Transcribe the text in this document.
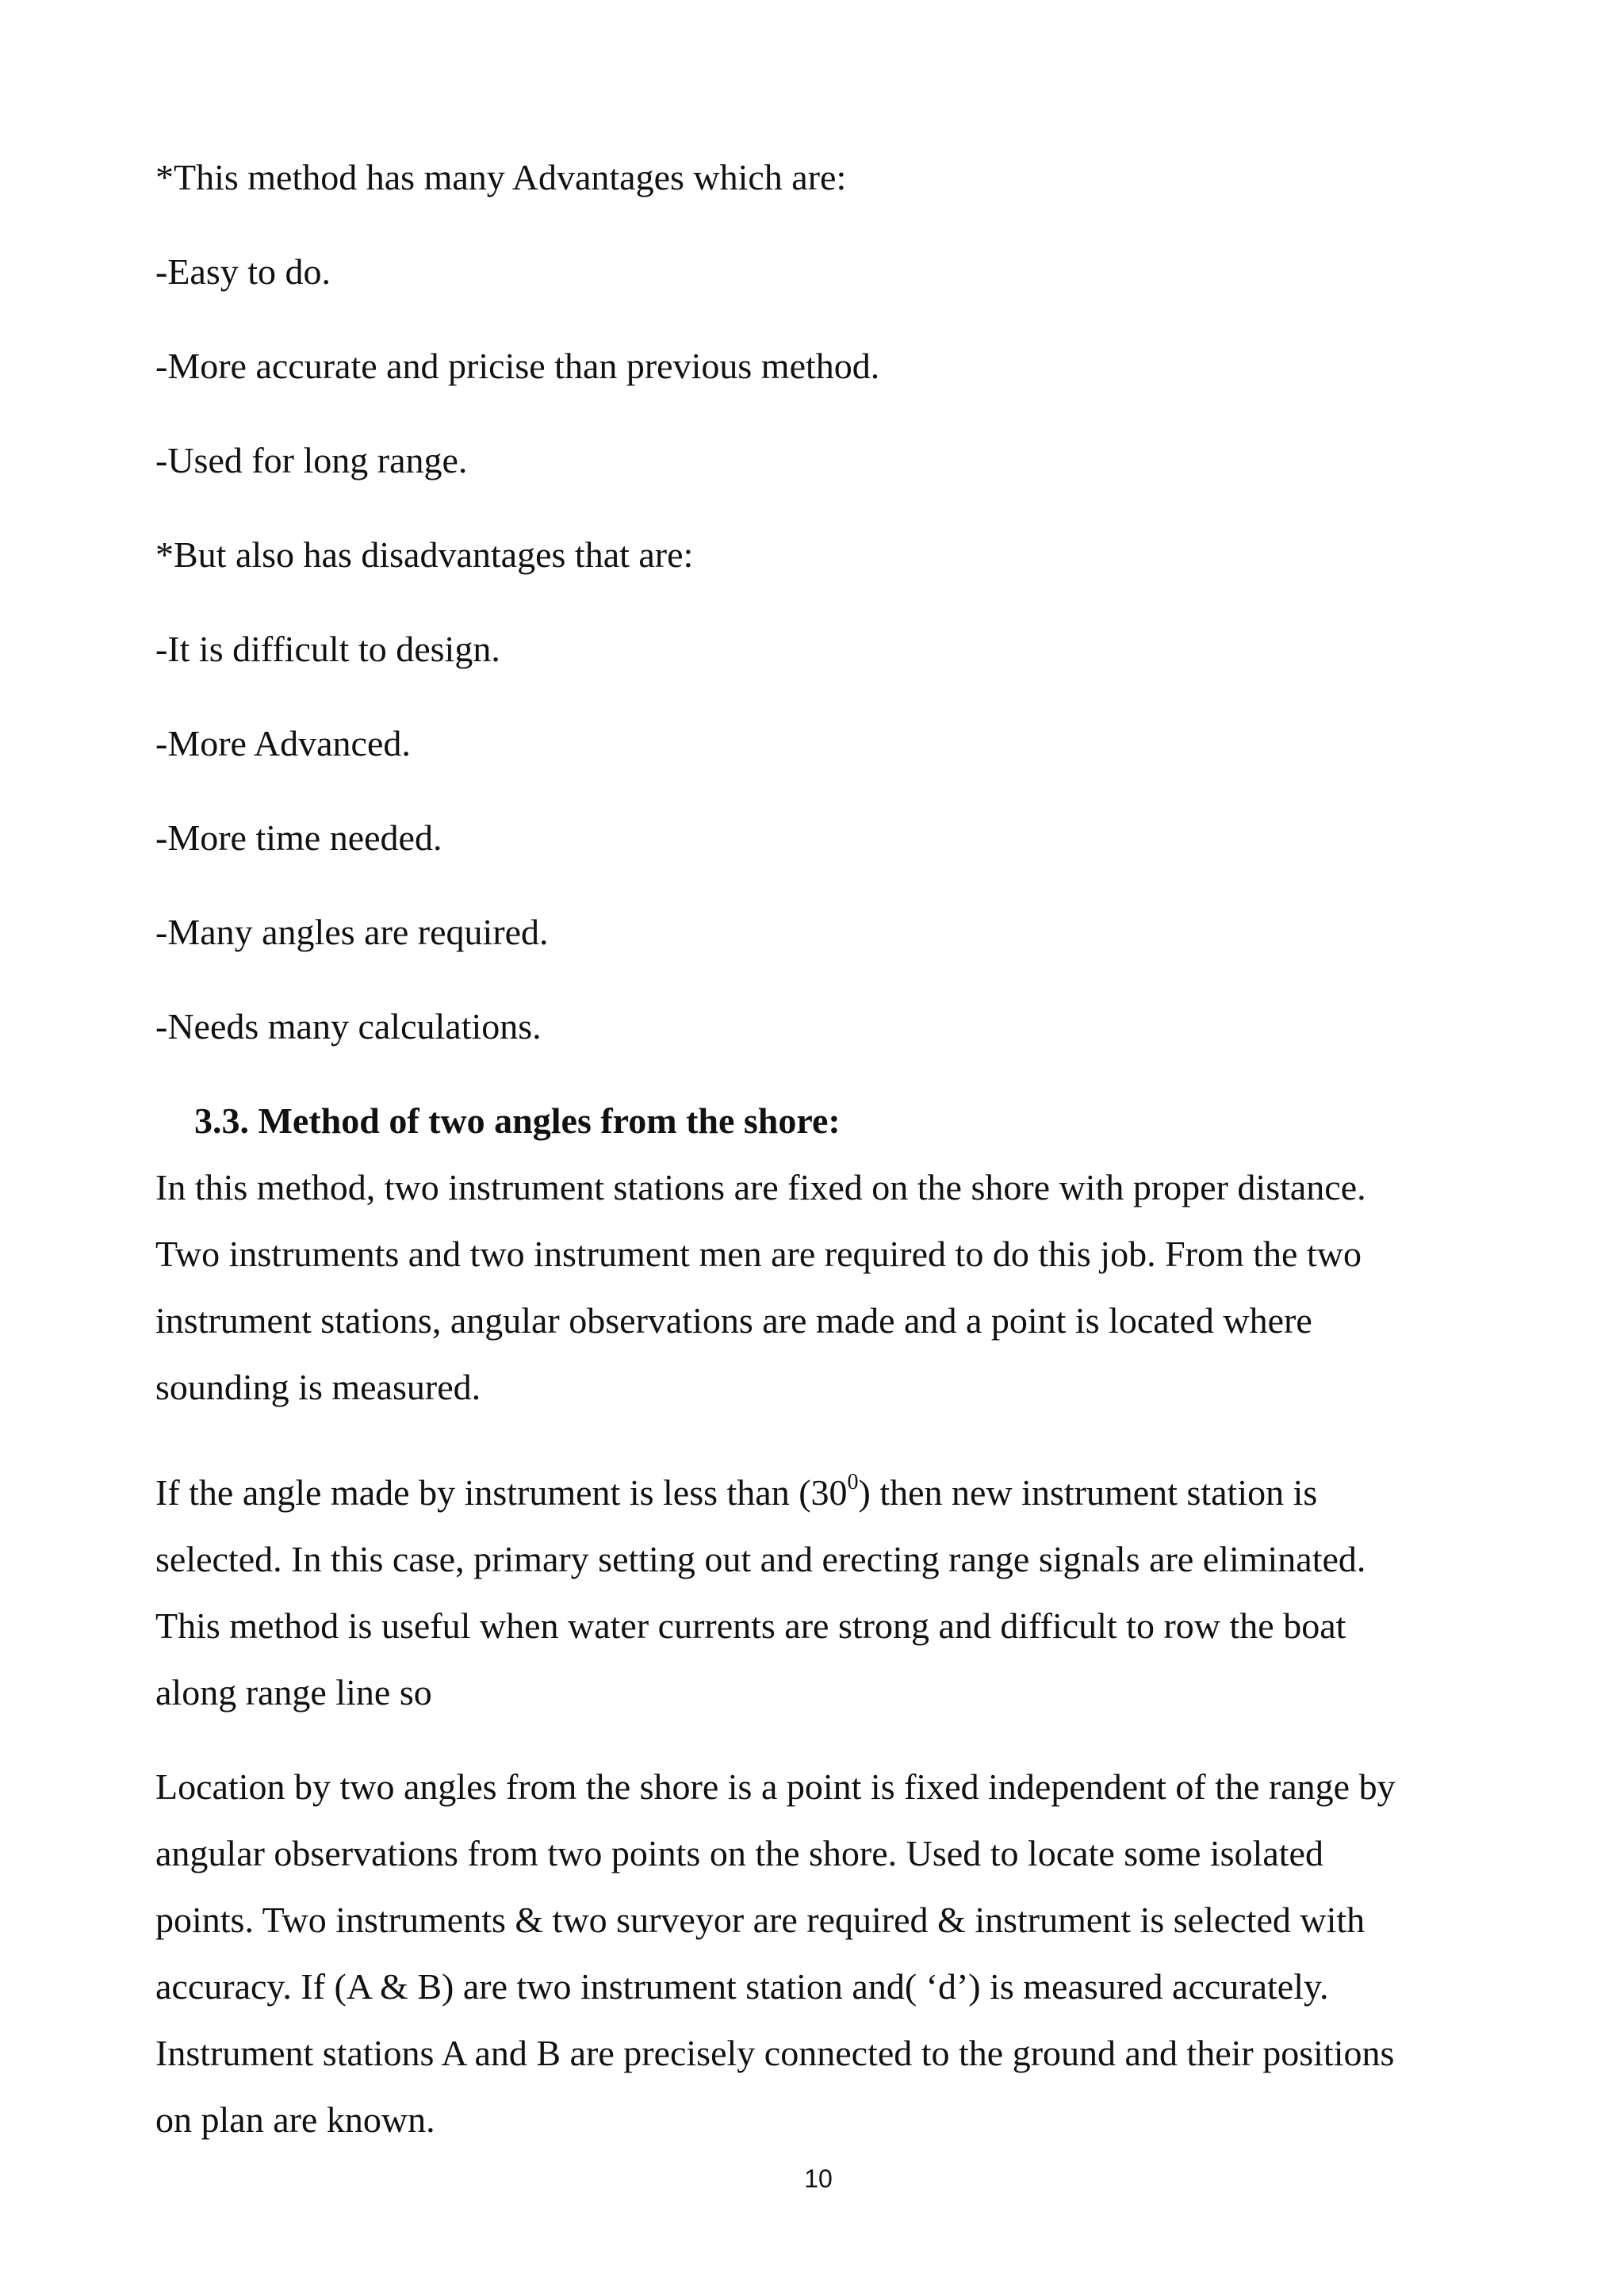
*This method has many Advantages which are:
-Easy to do.
-More accurate and pricise than previous method.
-Used for long range.
*But also has disadvantages that are:
-It is difficult to design.
-More Advanced.
-More time needed.
-Many angles are required.
-Needs many calculations.
3.3. Method of two angles from the shore:

In this method, two instrument stations are fixed on the shore with proper distance.
Two instruments and two instrument men are required to do this job. From the two
instrument stations, angular observations are made and a point is located where
sounding is measured.

If the angle made by instrument is less than $(30^0)$ then new instrument station is
selected. In this case, primary setting out and erecting range signals are eliminated.
This method is useful when water currents are strong and difficult to row the boat
along range line so

Location by two angles from the shore is a point is fixed independent of the range by
angular observations from two points on the shore. Used to locate some isolated
points. Two instruments & two surveyor are required & instrument is selected with
accuracy. If (A & B) are two instrument station and( ‘d’) is measured accurately.
Instrument stations A and B are precisely connected to the ground and their positions
on plan are known.

10
